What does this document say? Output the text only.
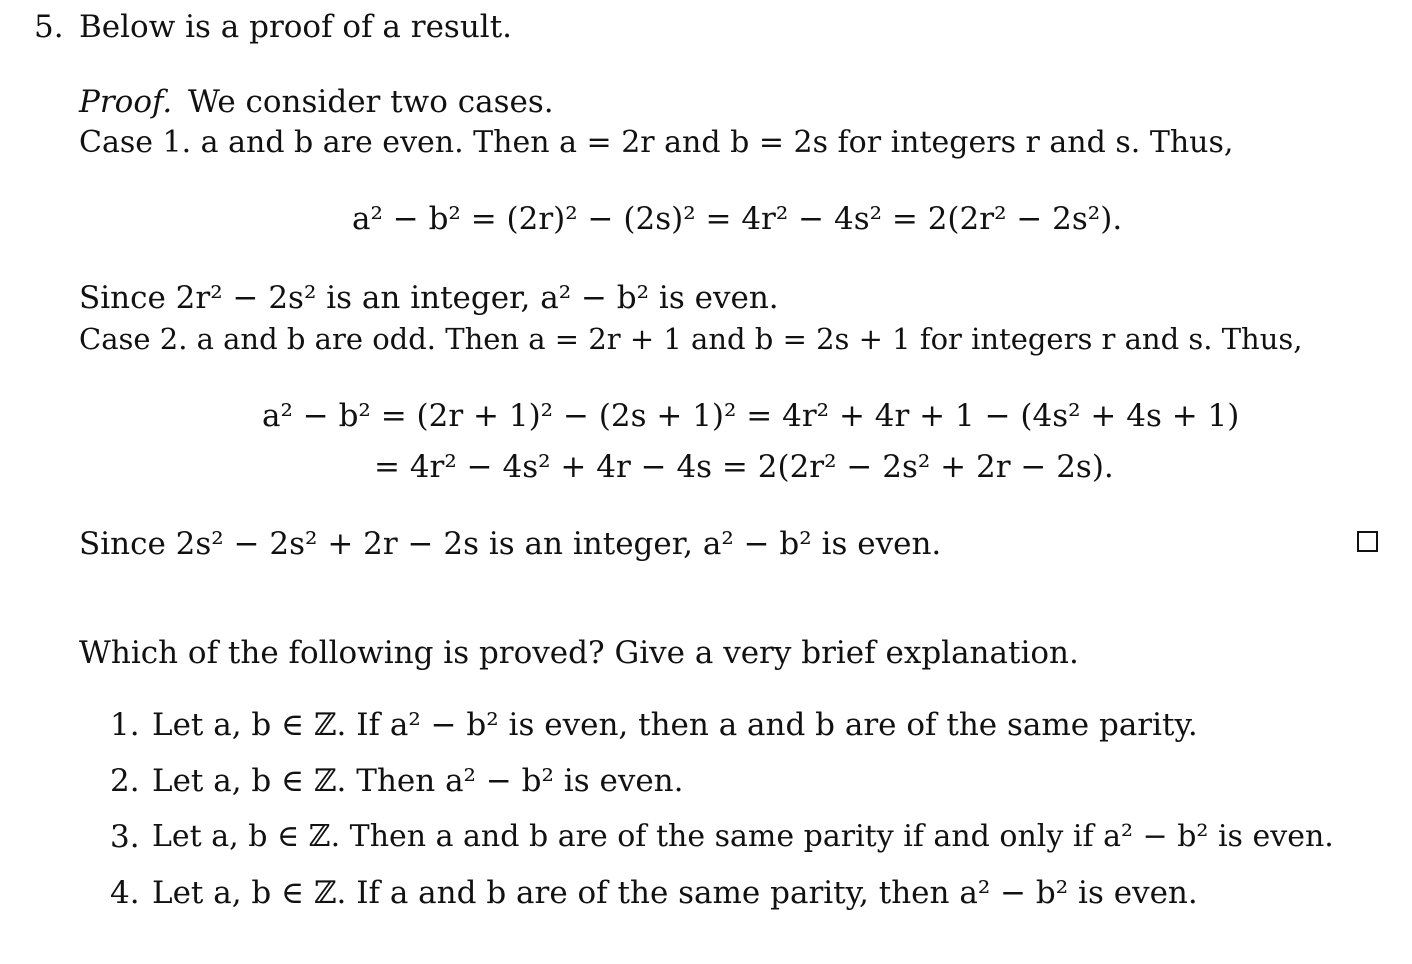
5. Below is a proof of a result.
Proof. We consider two cases.
Case 1. a and b are even. Then a = 2r and b = 2s for integers r and s. Thus,
a² − b² = (2r)² − (2s)² = 4r² − 4s² = 2(2r² − 2s²).
Since 2r² − 2s² is an integer, a² − b² is even.
Case 2. a and b are odd. Then a = 2r + 1 and b = 2s + 1 for integers r and s. Thus,
a² − b² = (2r + 1)² − (2s + 1)² = 4r² + 4r + 1 − (4s² + 4s + 1)
= 4r² − 4s² + 4r − 4s = 2(2r² − 2s² + 2r − 2s).
Since 2s² − 2s² + 2r − 2s is an integer, a² − b² is even.
Which of the following is proved? Give a very brief explanation.
1. Let a, b ∈ ℤ. If a² − b² is even, then a and b are of the same parity.
2. Let a, b ∈ ℤ. Then a² − b² is even.
3. Let a, b ∈ ℤ. Then a and b are of the same parity if and only if a² − b² is even.
4. Let a, b ∈ ℤ. If a and b are of the same parity, then a² − b² is even.
